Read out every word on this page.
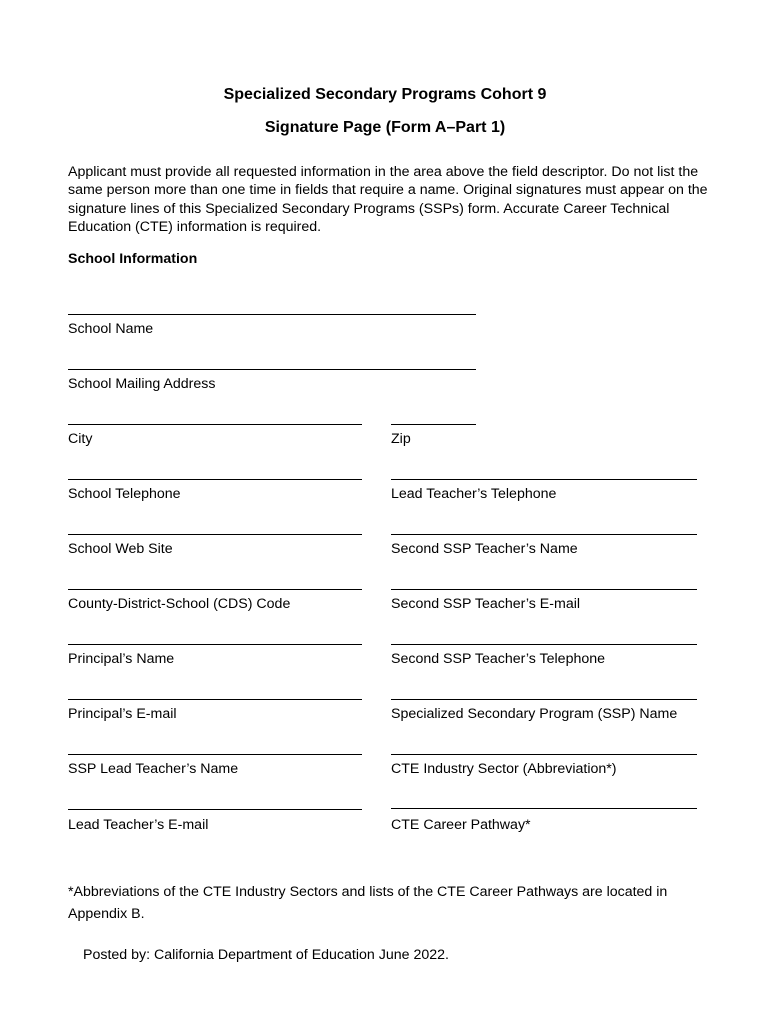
Specialized Secondary Programs Cohort 9
Signature Page (Form A–Part 1)
Applicant must provide all requested information in the area above the field descriptor. Do not list the same person more than one time in fields that require a name. Original signatures must appear on the signature lines of this Specialized Secondary Programs (SSPs) form. Accurate Career Technical Education (CTE) information is required.
School Information
School Name
School Mailing Address
City	Zip
School Telephone	Lead Teacher’s Telephone
School Web Site	Second SSP Teacher’s Name
County-District-School (CDS) Code	Second SSP Teacher’s E-mail
Principal’s Name	Second SSP Teacher’s Telephone
Principal’s E-mail	Specialized Secondary Program (SSP) Name
SSP Lead Teacher’s Name	CTE Industry Sector (Abbreviation*)
Lead Teacher’s E-mail	CTE Career Pathway*
*Abbreviations of the CTE Industry Sectors and lists of the CTE Career Pathways are located in Appendix B.
Posted by: California Department of Education June 2022.
